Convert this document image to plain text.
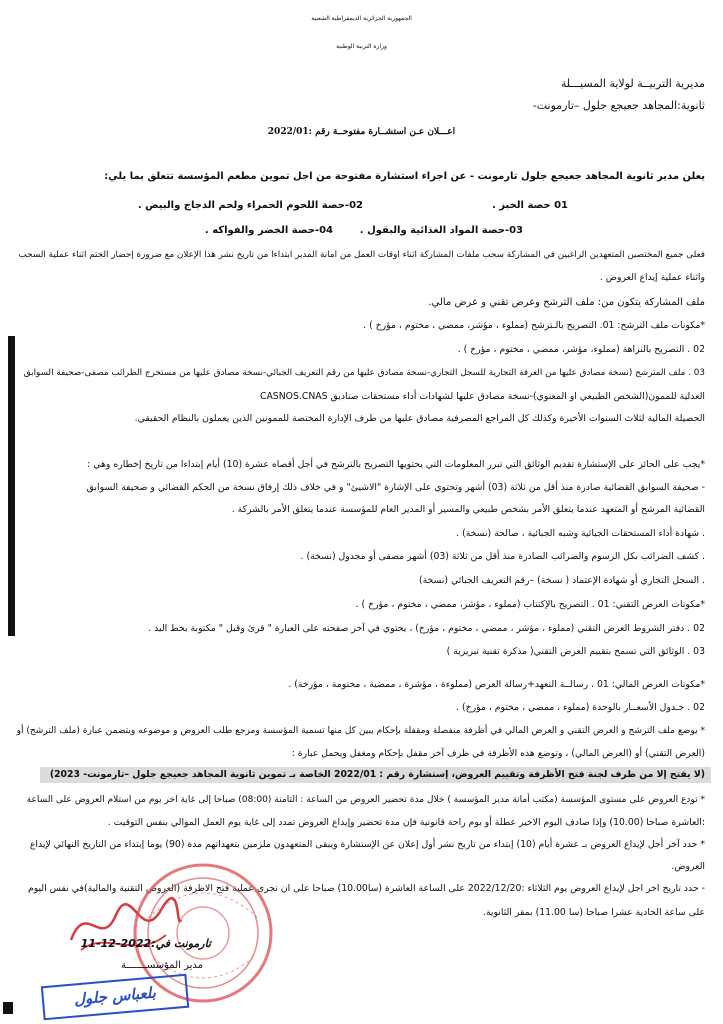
الجمهورية الجزائرية الديمقراطية الشعبية
وزارة التربية الوطنية
مديرية التربيــة لولاية المسيـــلة
ثانوية:المجاهد جعيجع جلول –تارمونت-
اعـــلان عـن استشــارة مفتوحــة رقم :2022/01
يعلن مدير ثانوية المجاهد جعيجع جلول تارمونت - عن اجراء استشارة مفتوحة من اجل تموين مطعم المؤسسة تتعلق بما يلي:
01 حصة الخبز .
02-حصة اللحوم الحمراء ولحم الدجاج والبيض .
03-حصة المواد الغذائية والبقول .
04-حصة الخضر والفواكه .
فعلى جميع المختصين المتعهدين الراغبين في المشاركة سحب ملفات المشاركة اثناء اوقات العمل من امانة المدير ابتداءا من تاريخ نشر هذا الإعلان مع ضرورة إحضار الختم اثناء عملية السحب
واثناء عملية إيداع العروض .
ملف المشاركة يتكون من: ملف الترشح وعرض تقني و عرض مالي.
*مكونات ملف الترشح: 01. التصريح بالـترشح (مملوء ، مؤشر، ممضي ، مختوم ، مؤرخ ) .
02 . التصريح بالنزاهة (مملوء، مؤشر، ممضي ، مختوم ، مؤرخ ) .
03 . ملف المترشح (نسخة مصادق عليها من الغرفة التجارية للسجل التجاري-نسخة مصادق عليها من رقم التعريف الجبائي-نسخة مصادق عليها من مستخرج الظرائب مصفى-صحيفة السوابق
العدلية للممون(الشخص الطبيعي او المعنوي)-نسخة مصادق عليها لشهادات أداء مستحقات صناديق CASNOS.CNAS
الحصيلة المالية لثلاث السنوات الأخيرة وكذلك كل المراجع المصرفية مصادق عليها من طرف الإدارة المختصة للممونين الذين يعملون بالنظام الحقيقي.
*يجب على الحائز على الإستشارة تقديم الوثائق التي تبرر المعلومات التي يحتويها التصريح بالترشح في أجل أقصاه عشرة (10) أيام إبتداءا من تاريخ إخطاره وهي :
- صحيفة السوابق القضائية صادرة منذ أقل من ثلاثة (03) أشهر وتحتوي على الإشارة "الاشيئ" و في خلاف ذلك إرفاق نسخة من الحكم القضائي و صحيفة السوابق
القضائية المرشح أو المتعهد عندما يتعلق الأمر بشخص طبيعي والمسير أو المدير العام للمؤسسة عندما يتعلق الأمر بالشركة .
. شهادة أداء المستحقات الجبائية وشبه الجبائية ، صالحة (نسخة) .
. كشف الضرائب بكل الرسوم والضرائب الصادرة منذ أقل من ثلاثة (03) أشهر مصفى أو مجدول (نسخة) .
. السجل التجاري أو شهادة الإعتماد ( نسخة) –رقم التعريف الجبائي (نسخة)
*مكونات العرض التقني: 01 . التصريح بالإكتتاب (مملوء ، مؤشر، ممضي ، مختوم ، مؤرخ ) .
02 . دفتر الشروط العرض التقني (مملوء ، مؤشر ، ممضي ، مختوم ، مؤرخ) ، يحتوي في آخر صفحته على العبارة " قرئ وقبل " مكتوبة بخط اليد .
03 . الوثائق التي تسمح بتقييم العرض التقني( مذكرة تقنية تبريرية )
*مكونات العرض المالي: 01 . رسالــة التعهد+رسالة العرض (مملوءة ، مؤشرة ، ممضية ، مختومة ، مؤرخة) .
02 . جـدول الأسعــار بالوحدة (مملوء ، ممضي ، مختوم ، مؤرخ) .
* يوضع ملف الترشح و العرض التقني و العرض المالي في أظرفة منفصلة ومقفلة بإحكام يبين كل منها تسمية المؤسسة ومرجع طلب العروض و موضوعه ويتضمن عبارة (ملف الترشح) أو
(العرض التقني) أو (العرض المالي) ، وتوضع هذه الأظرفة في ظرف آخر مقفل بإحكام ومغفل ويحمل عبارة :
(لا يفتح إلا من طرف لجنة فتح الأظرفة وتقييم العروض، إستشارة رقم : 2022/01 الخاصة بـ تموين ثانوية المجاهد جعيجع جلول –تارمونت- 2023)
* تودع العروض على مستوى المؤسسة (مكتب أمانة مدير المؤسسة ) خلال مدة تحضير العروض من الساعة : الثامنة (08:00) صباحا إلى غاية اخر يوم من استلام العروض على الساعة
:العاشرة صباحا (10.00) وإذا صادف اليوم الاخير عطلة أو يوم راحة قانونية فإن مدة تحضير وإيداع العروض تمدد إلى غاية يوم العمل الموالي بنفس التوقيت .
* حدد آخر أجل لإيداع العروض بـ عشرة أيام (10) إبتداء من تاريخ نشر أول إعلان عن الإستشارة ويبقى المتعهدون ملزمين بتعهداتهم مدة (90) يوما إبتداء من التاريخ النهائي لإيداع
العروض.
- حدد تاريخ اخر اجل لإيداع العروض يوم الثلاثاء :2022/12/20 على الساعة العاشرة (سا10.00) صباحا على ان تجرى عملية فتح الاظرفة (العروض التقنية والمالية)في نفس اليوم
على ساعة الحادية عشرا صباحا (سا 11.00) بمقر الثانوية.
تارمونت في:2022-12-11
مدير المؤسســـــــة
بلعباس جلول
